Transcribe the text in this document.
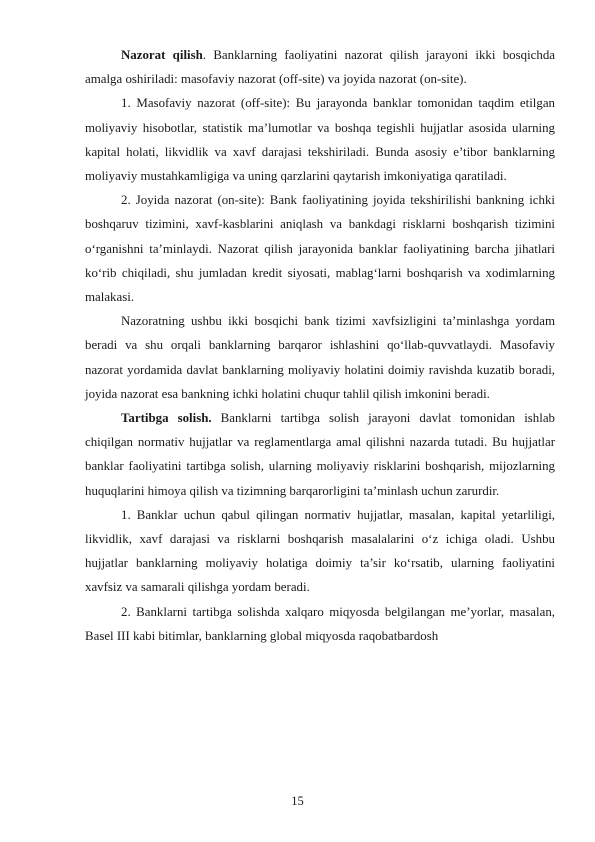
Nazorat qilish. Banklarning faoliyatini nazorat qilish jarayoni ikki bosqichda amalga oshiriladi: masofaviy nazorat (off-site) va joyida nazorat (on-site).

1. Masofaviy nazorat (off-site): Bu jarayonda banklar tomonidan taqdim etilgan moliyaviy hisobotlar, statistik ma’lumotlar va boshqa tegishli hujjatlar asosida ularning kapital holati, likvidlik va xavf darajasi tekshiriladi. Bunda asosiy e’tibor banklarning moliyaviy mustahkamligiga va uning qarzlarini qaytarish imkoniyatiga qaratiladi.

2. Joyida nazorat (on-site): Bank faoliyatining joyida tekshirilishi bankning ichki boshqaruv tizimini, xavf-kasblarini aniqlash va bankdagi risklarni boshqarish tizimini o‘rganishni ta’minlaydi. Nazorat qilish jarayonida banklar faoliyatining barcha jihatlari ko‘rib chiqiladi, shu jumladan kredit siyosati, mablag‘larni boshqarish va xodimlarning malakasi.

Nazoratning ushbu ikki bosqichi bank tizimi xavfsizligini ta’minlashga yordam beradi va shu orqali banklarning barqaror ishlashini qo‘llab-quvvatlaydi. Masofaviy nazorat yordamida davlat banklarning moliyaviy holatini doimiy ravishda kuzatib boradi, joyida nazorat esa bankning ichki holatini chuqur tahlil qilish imkonini beradi.

Tartibga solish. Banklarni tartibga solish jarayoni davlat tomonidan ishlab chiqilgan normativ hujjatlar va reglamentlarga amal qilishni nazarda tutadi. Bu hujjatlar banklar faoliyatini tartibga solish, ularning moliyaviy risklarini boshqarish, mijozlarning huquqlarini himoya qilish va tizimning barqarorligini ta’minlash uchun zarurdir.

1. Banklar uchun qabul qilingan normativ hujjatlar, masalan, kapital yetarliligi, likvidlik, xavf darajasi va risklarni boshqarish masalalarini o‘z ichiga oladi. Ushbu hujjatlar banklarning moliyaviy holatiga doimiy ta’sir ko‘rsatib, ularning faoliyatini xavfsiz va samarali qilishga yordam beradi.

2. Banklarni tartibga solishda xalqaro miqyosda belgilangan me’yorlar, masalan, Basel III kabi bitimlar, banklarning global miqyosda raqobatbardosh

15
